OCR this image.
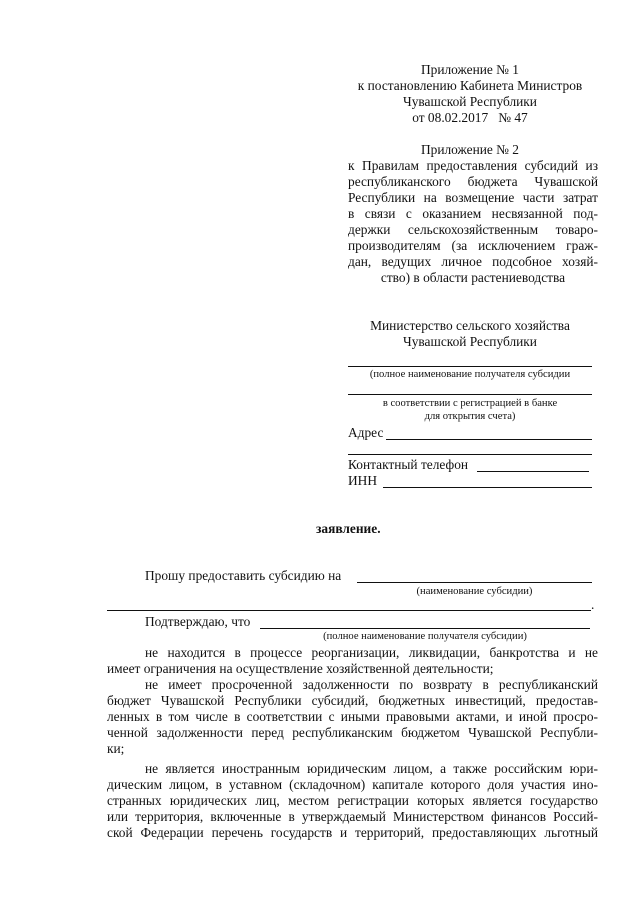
Приложение № 1
к постановлению Кабинета Министров
Чувашской Республики
от 08.02.2017   № 47
Приложение № 2
к Правилам предоставления субсидий из
республиканского бюджета Чувашской
Республики на возмещение части затрат
в связи с оказанием несвязанной под-
держки сельскохозяйственным товаро-
производителям (за исключением граж-
дан, ведущих личное подсобное хозяй-
ство) в области растениеводства
Министерство сельского хозяйства
Чувашской Республики
(полное наименование получателя субсидии
в соответствии с регистрацией в банке
для открытия счета)
Адрес
Контактный телефон
ИНН
заявление.
Прошу предоставить субсидию на
(наименование субсидии)
.
Подтверждаю, что
(полное наименование получателя субсидии)
не находится в процессе реорганизации, ликвидации, банкротства и не
имеет ограничения на осуществление хозяйственной деятельности;
не имеет просроченной задолженности по возврату в республиканский
бюджет Чувашской Республики субсидий, бюджетных инвестиций, предостав-
ленных в том числе в соответствии с иными правовыми актами, и иной просро-
ченной задолженности перед республиканским бюджетом Чувашской Республи-
ки;
не является иностранным юридическим лицом, а также российским юри-
дическим лицом, в уставном (складочном) капитале которого доля участия ино-
странных юридических лиц, местом регистрации которых является государство
или территория, включенные в утверждаемый Министерством финансов Россий-
ской Федерации перечень государств и территорий, предоставляющих льготный
